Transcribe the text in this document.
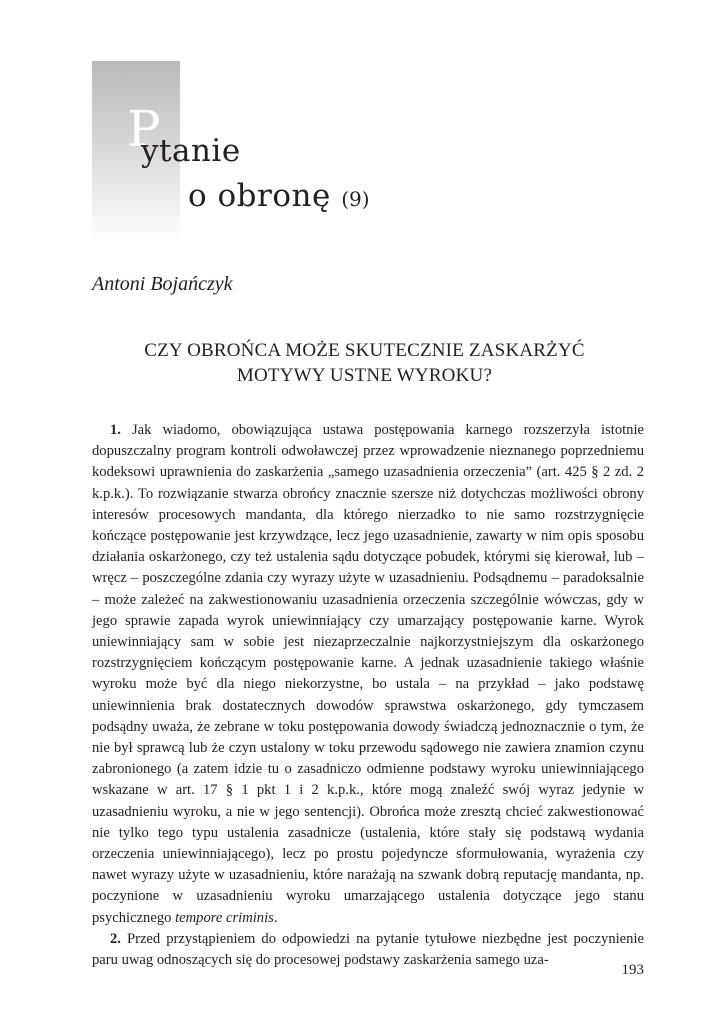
P
ytanie
o obronę (9)
Antoni Bojańczyk
CZY OBROŃCA MOŻE SKUTECZNIE ZASKARŻYĆ
MOTYWY USTNE WYROKU?

1. Jak wiadomo, obowiązująca ustawa postępowania karnego rozszerzyła istotnie dopuszczalny program kontroli odwoławczej przez wprowadzenie nieznanego poprzedniemu kodeksowi uprawnienia do zaskarżenia „samego uzasadnienia orzeczenia” (art. 425 § 2 zd. 2 k.p.k.). To rozwiązanie stwarza obrońcy znacznie szersze niż dotychczas możliwości obrony interesów procesowych mandanta, dla którego nierzadko to nie samo rozstrzygnięcie kończące postępowanie jest krzywdzące, lecz jego uzasadnienie, zawarty w nim opis sposobu działania oskarżonego, czy też ustalenia sądu dotyczące pobudek, którymi się kierował, lub – wręcz – poszczególne zdania czy wyrazy użyte w uzasadnieniu. Podsądnemu – paradoksalnie – może zależeć na zakwestionowaniu uzasadnienia orzeczenia szczególnie wówczas, gdy w jego sprawie zapada wyrok uniewinniający czy umarzający postępowanie karne. Wyrok uniewinniający sam w sobie jest niezaprzeczalnie najkorzystniejszym dla oskarżonego rozstrzygnięciem kończącym postępowanie karne. A jednak uzasadnienie takiego właśnie wyroku może być dla niego niekorzystne, bo ustala – na przykład – jako podstawę uniewinnienia brak dostatecznych dowodów sprawstwa oskarżonego, gdy tymczasem podsądny uważa, że zebrane w toku postępowania dowody świadczą jednoznacznie o tym, że nie był sprawcą lub że czyn ustalony w toku przewodu sądowego nie zawiera znamion czynu zabronionego (a zatem idzie tu o zasadniczo odmienne podstawy wyroku uniewinniającego wskazane w art. 17 § 1 pkt 1 i 2 k.p.k., które mogą znaleźć swój wyraz jedynie w uzasadnieniu wyroku, a nie w jego sentencji). Obrońca może zresztą chcieć zakwestionować nie tylko tego typu ustalenia zasadnicze (ustalenia, które stały się podstawą wydania orzeczenia uniewinniającego), lecz po prostu pojedyncze sformułowania, wyrażenia czy nawet wyrazy użyte w uzasadnieniu, które narażają na szwank dobrą reputację mandanta, np. poczynione w uzasadnieniu wyroku umarzającego ustalenia dotyczące jego stanu psychicznego tempore criminis.

2. Przed przystąpieniem do odpowiedzi na pytanie tytułowe niezbędne jest poczynienie paru uwag odnoszących się do procesowej podstawy zaskarżenia samego uza-

193
